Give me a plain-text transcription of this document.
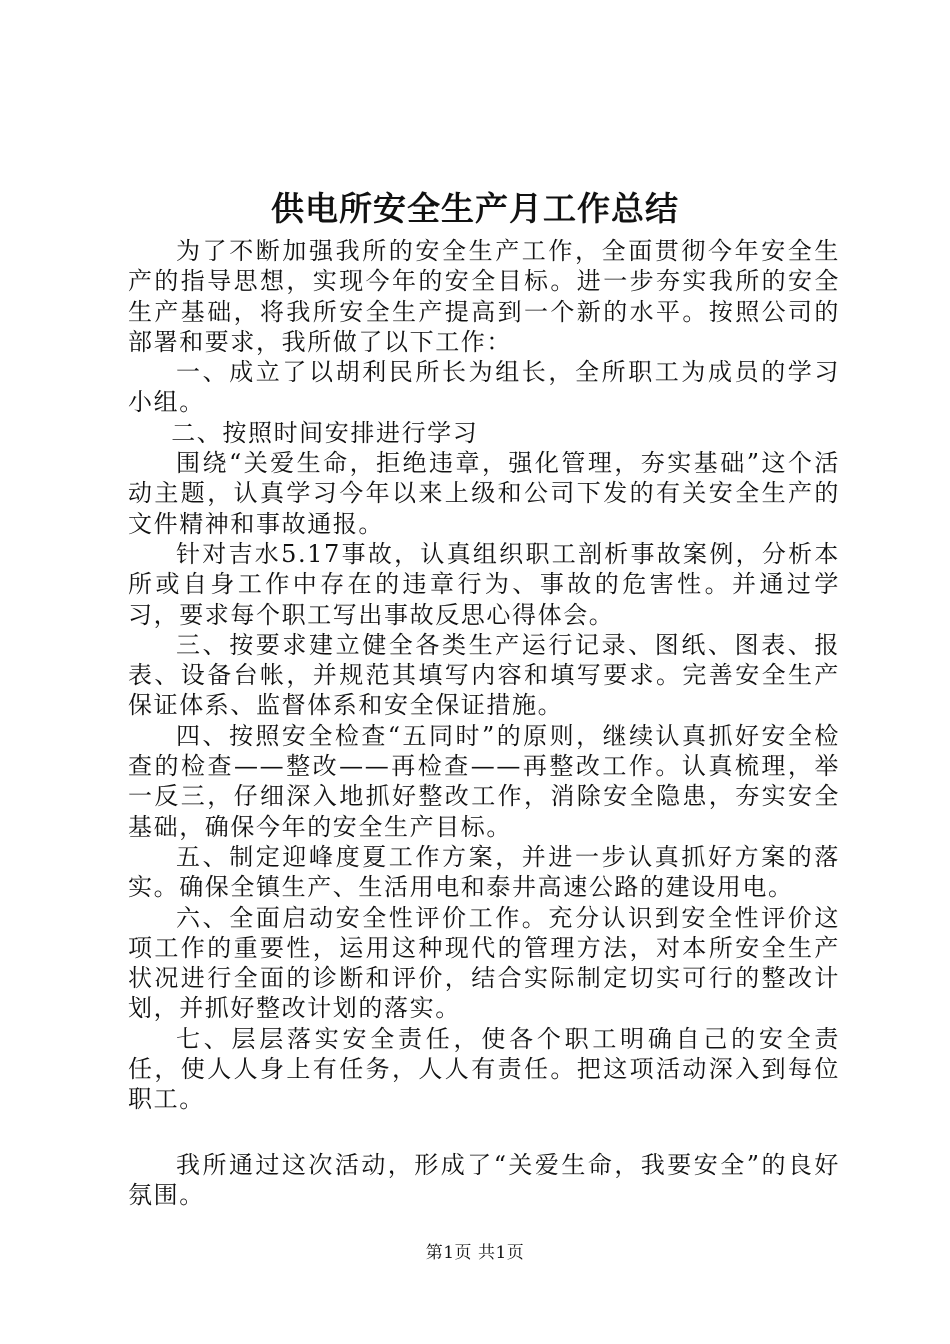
供电所安全生产月工作总结

为了不断加强我所的安全生产工作，全面贯彻今年安全生产的指导思想，实现今年的安全目标。进一步夯实我所的安全生产基础，将我所安全生产提高到一个新的水平。按照公司的部署和要求，我所做了以下工作：

一、成立了以胡利民所长为组长，全所职工为成员的学习小组。

二、按照时间安排进行学习

围绕“关爱生命，拒绝违章，强化管理，夯实基础”这个活动主题，认真学习今年以来上级和公司下发的有关安全生产的文件精神和事故通报。

针对吉水5.17事故，认真组织职工剖析事故案例，分析本所或自身工作中存在的违章行为、事故的危害性。并通过学习，要求每个职工写出事故反思心得体会。

三、按要求建立健全各类生产运行记录、图纸、图表、报表、设备台帐，并规范其填写内容和填写要求。完善安全生产保证体系、监督体系和安全保证措施。

四、按照安全检查“五同时”的原则，继续认真抓好安全检查的检查——整改——再检查——再整改工作。认真梳理，举一反三，仔细深入地抓好整改工作，消除安全隐患，夯实安全基础，确保今年的安全生产目标。

五、制定迎峰度夏工作方案，并进一步认真抓好方案的落实。确保全镇生产、生活用电和泰井高速公路的建设用电。

六、全面启动安全性评价工作。充分认识到安全性评价这项工作的重要性，运用这种现代的管理方法，对本所安全生产状况进行全面的诊断和评价，结合实际制定切实可行的整改计划，并抓好整改计划的落实。

七、层层落实安全责任，使各个职工明确自己的安全责任，使人人身上有任务，人人有责任。把这项活动深入到每位职工。

我所通过这次活动，形成了“关爱生命，我要安全”的良好氛围。

第1页 共1页
